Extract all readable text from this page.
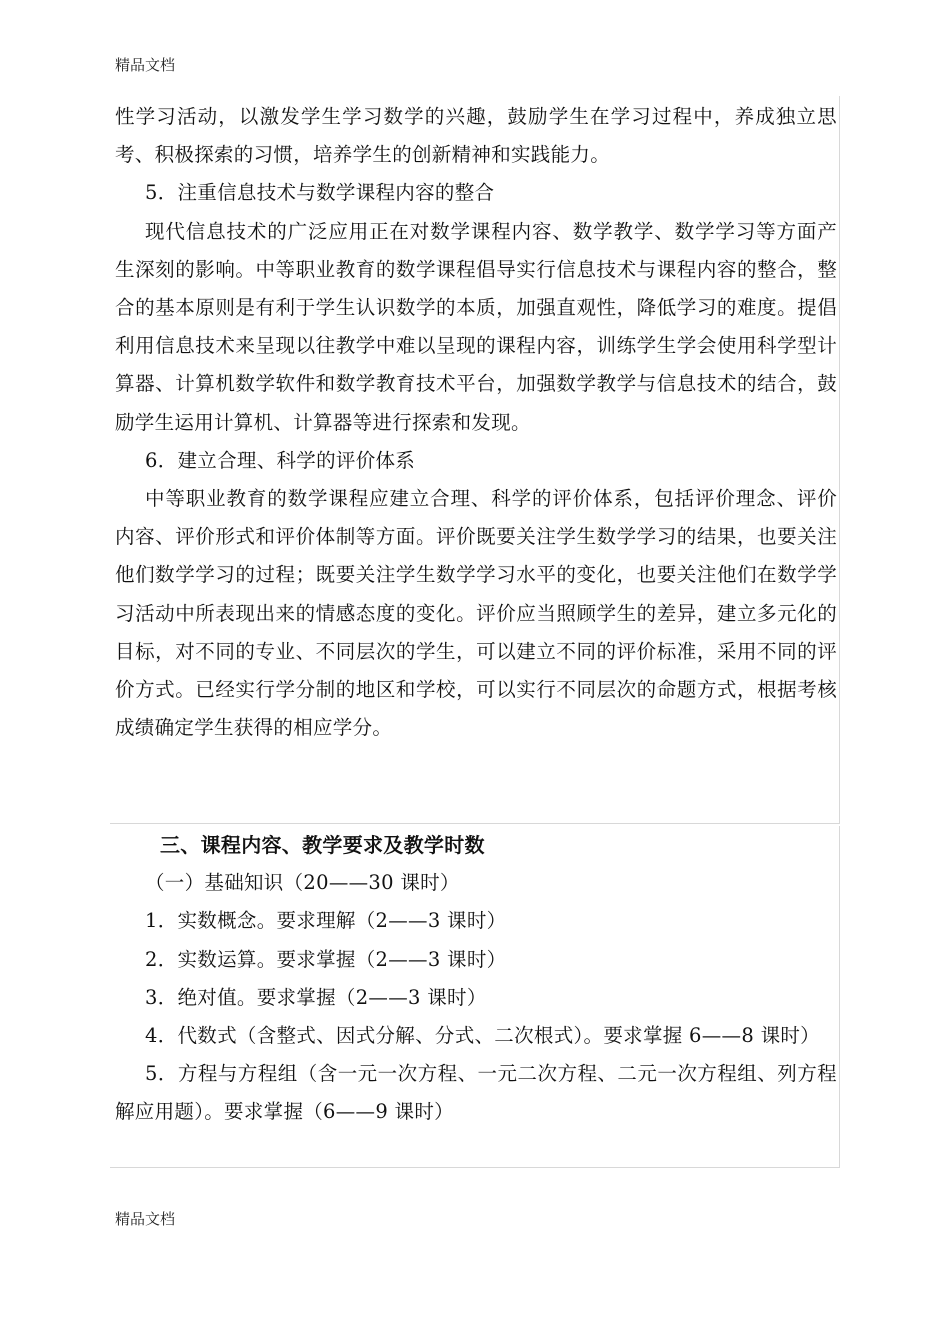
精品文档

性学习活动，以激发学生学习数学的兴趣，鼓励学生在学习过程中，养成独立思考、积极探索的习惯，培养学生的创新精神和实践能力。

5．注重信息技术与数学课程内容的整合

现代信息技术的广泛应用正在对数学课程内容、数学教学、数学学习等方面产生深刻的影响。中等职业教育的数学课程倡导实行信息技术与课程内容的整合，整合的基本原则是有利于学生认识数学的本质，加强直观性，降低学习的难度。提倡利用信息技术来呈现以往教学中难以呈现的课程内容，训练学生学会使用科学型计算器、计算机数学软件和数学教育技术平台，加强数学教学与信息技术的结合，鼓励学生运用计算机、计算器等进行探索和发现。

6．建立合理、科学的评价体系

中等职业教育的数学课程应建立合理、科学的评价体系，包括评价理念、评价内容、评价形式和评价体制等方面。评价既要关注学生数学学习的结果，也要关注他们数学学习的过程；既要关注学生数学学习水平的变化，也要关注他们在数学学习活动中所表现出来的情感态度的变化。评价应当照顾学生的差异，建立多元化的目标，对不同的专业、不同层次的学生，可以建立不同的评价标准，采用不同的评价方式。已经实行学分制的地区和学校，可以实行不同层次的命题方式，根据考核成绩确定学生获得的相应学分。

三、课程内容、教学要求及教学时数

（一）基础知识（20——30 课时）

1．实数概念。要求理解（2——3 课时）

2．实数运算。要求掌握（2——3 课时）

3．绝对值。要求掌握（2——3 课时）

4．代数式（含整式、因式分解、分式、二次根式）。要求掌握 6——8 课时）

5．方程与方程组（含一元一次方程、一元二次方程、二元一次方程组、列方程解应用题）。要求掌握（6——9 课时）

精品文档
